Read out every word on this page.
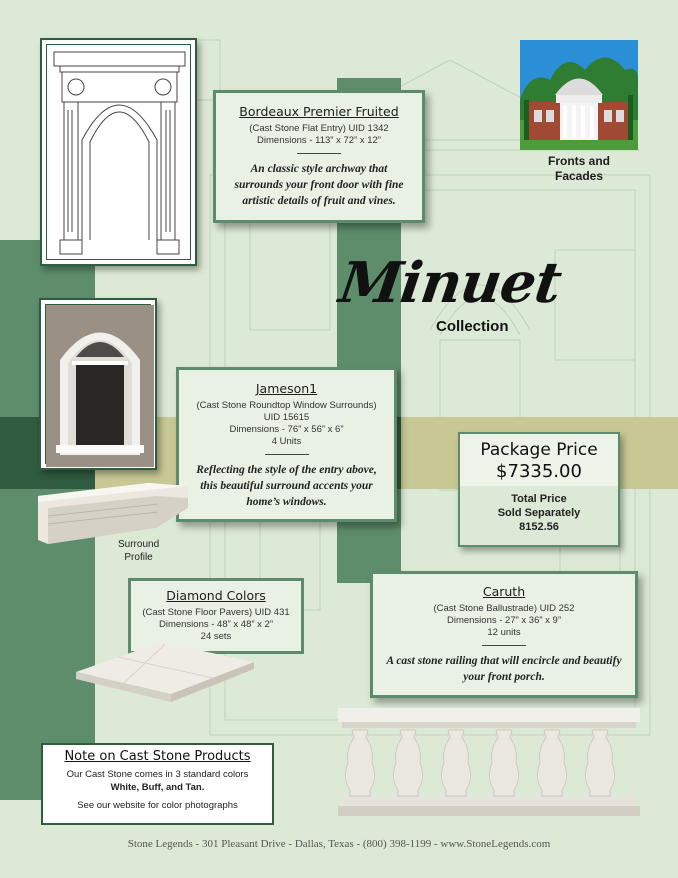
Bordeaux Premier Fruited
(Cast Stone Flat Entry) UID 1342
Dimensions - 113” x 72” x 12”
An classic style archway that surrounds your front door with fine artistic details of fruit and vines.
Fronts and Facades
Minuet
Collection
Jameson1
(Cast Stone Roundtop Window Surrounds)
UID 15615
Dimensions - 76” x 56” x 6”
4 Units
Reflecting the style of the entry above, this beautiful surround accents your home’s windows.
Surround
Profile
Package Price
$7335.00
Total Price
Sold Separately
8152.56
Diamond Colors
(Cast Stone Floor Pavers) UID 431
Dimensions - 48” x 48” x 2”
24 sets
Caruth
(Cast Stone Ballustrade) UID 252
Dimensions - 27” x 36” x 9”
12 units
A cast stone railing that will encircle and beautify your front porch.
Note on Cast Stone Products
Our Cast Stone comes in 3 standard colors
White, Buff, and Tan.
See our website for color photographs
Stone Legends - 301 Pleasant Drive - Dallas, Texas - (800) 398-1199 - www.StoneLegends.com
